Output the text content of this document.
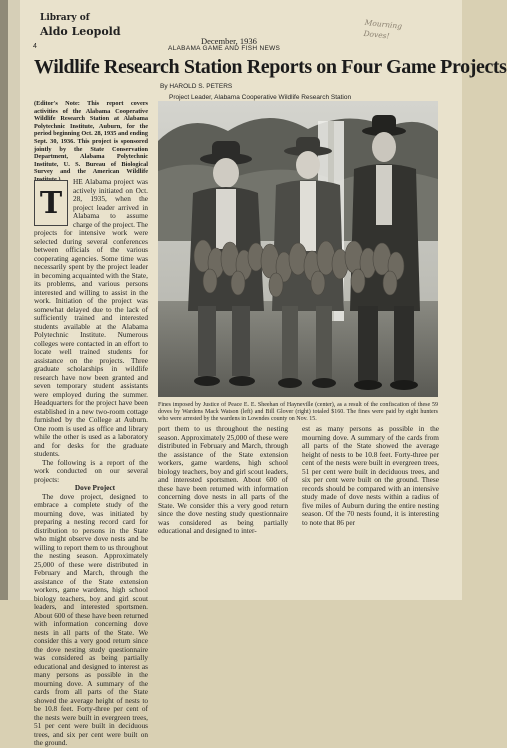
Library of
Aldo Leopold
4
December, 1936
ALABAMA GAME AND FISH NEWS
Mourning Doves!
Wildlife Research Station Reports on Four Game Projects
By HAROLD S. PETERS
Project Leader, Alabama Cooperative Wildlife Research Station

(Editor's Note: This report covers activities of the Alabama Cooperative Wildlife Research Station at Alabama Polytechnic Institute, Auburn, for the period beginning Oct. 28, 1935 and ending Sept. 30, 1936. This project is sponsored jointly by the State Conservation Department, Alabama Polytechnic Institute, U. S. Bureau of Biological Survey and the American Wildlife

T

HE Alabama project was actively initiated on Oct. 28, 1935, when the project leader arrived in Alabama to assume charge of the project. The projects for intensive work were selected during several conferences between officials of the various cooperating agencies. Some time was necessarily spent by the project leader in becoming acquainted with the State, its problems, and various persons interested and willing to assist in the work. Initiation of the project was somewhat delayed due to the lack of sufficiently trained and interested students available at the Alabama Polytechnic Institute. Numerous colleges were contacted in an effort to locate well trained students for assistance on the projects. Three graduate scholarships in wildlife research have now been granted and seven temporary student assistants were employed during the summer. Headquarters for the project have been established in a new two-room cottage furnished by the College at Auburn. One room is used as office and library while the other is used as a laboratory and for desks for the graduate students.

The following is a report of the work conducted on our several projects:

Dove Project

The dove project, designed to embrace a complete study of the mourning dove, was initiated by preparing a nesting record card for distribution to persons in the State who might observe dove nests and be willing to report them to us throughout the nesting season. Approximately 25,000 of these were distributed in February and March, through the assistance of the State extension workers, game wardens, high school biology teachers, boy and girl scout leaders, and interested sportsmen. About 600 of these have been returned with information concerning dove nests in all parts of the State. We consider this a very good return since the dove nesting study questionnaire was considered as being partially educational and designed to interest as many persons as possible in the mourning dove. A summary of the cards from all parts of the State showed the average height of nests to be 10.8 feet. Forty-three per cent of the nests were built in evergreen trees, 51 per cent were built in deciduous trees, and six per cent were built on the ground.

Fines imposed by Justice of Peace E. E. Sheehan of Hayneville (center), as a result of the confiscation of these 59 doves by Wardens Mack Watson (left) and Bill Glover (right) totaled $160. The fines were paid by eight hunters who were arrested by the wardens in Lowndes county on Nov. 15.

port them to us throughout the nesting season. Approximately 25,000 of these were distributed in February and March, through the assistance of the State extension workers, game wardens, high school biology teachers, boy and girl scout leaders, and interested sportsmen. About 600 of these have been returned with information concerning dove nests in all parts of the State. We consider this a very good return since the dove nesting study questionnaire was considered as being partially educational and designed to inter-

est as many persons as possible in the mourning dove. A summary of the cards from all parts of the State showed the average height of nests to be 10.8 feet. Forty-three per cent of the nests were built in evergreen trees, 51 per cent were built in deciduous trees, and six per cent were built on the ground. These records should be compared with an intensive study made of dove nests within a radius of five miles of Auburn during the entire nesting season. Of the 70 nests found, it is interesting to note that 86 per
